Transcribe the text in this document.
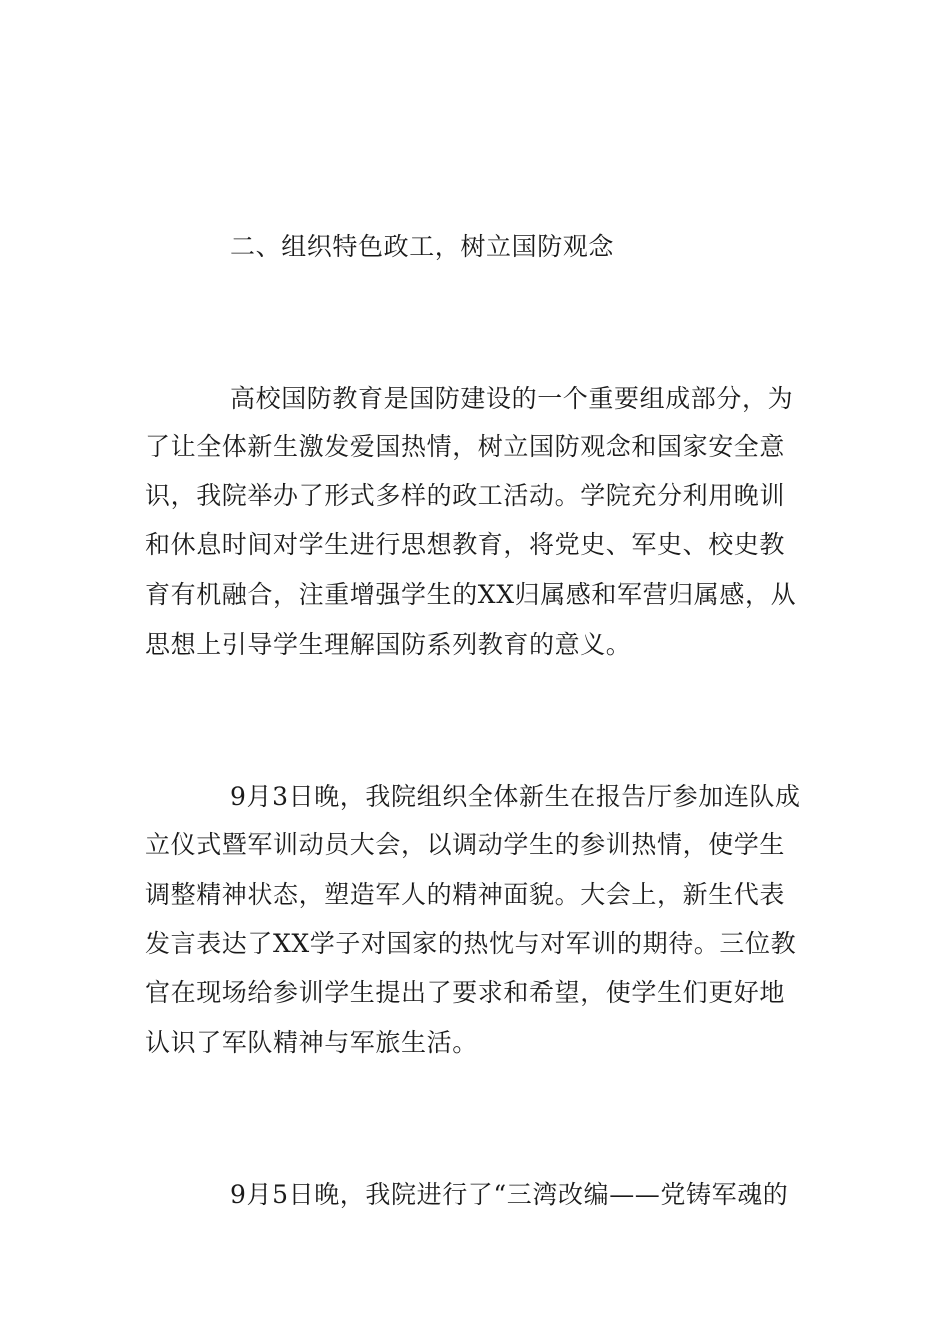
二、组织特色政工，树立国防观念
高校国防教育是国防建设的一个重要组成部分，为
了让全体新生激发爱国热情，树立国防观念和国家安全意
识，我院举办了形式多样的政工活动。学院充分利用晚训
和休息时间对学生进行思想教育，将党史、军史、校史教
育有机融合，注重增强学生的XX归属感和军营归属感，从
思想上引导学生理解国防系列教育的意义。
9月3日晚，我院组织全体新生在报告厅参加连队成
立仪式暨军训动员大会，以调动学生的参训热情，使学生
调整精神状态，塑造军人的精神面貌。大会上，新生代表
发言表达了XX学子对国家的热忱与对军训的期待。三位教
官在现场给参训学生提出了要求和希望，使学生们更好地
认识了军队精神与军旅生活。
9月5日晚，我院进行了“三湾改编——党铸军魂的
